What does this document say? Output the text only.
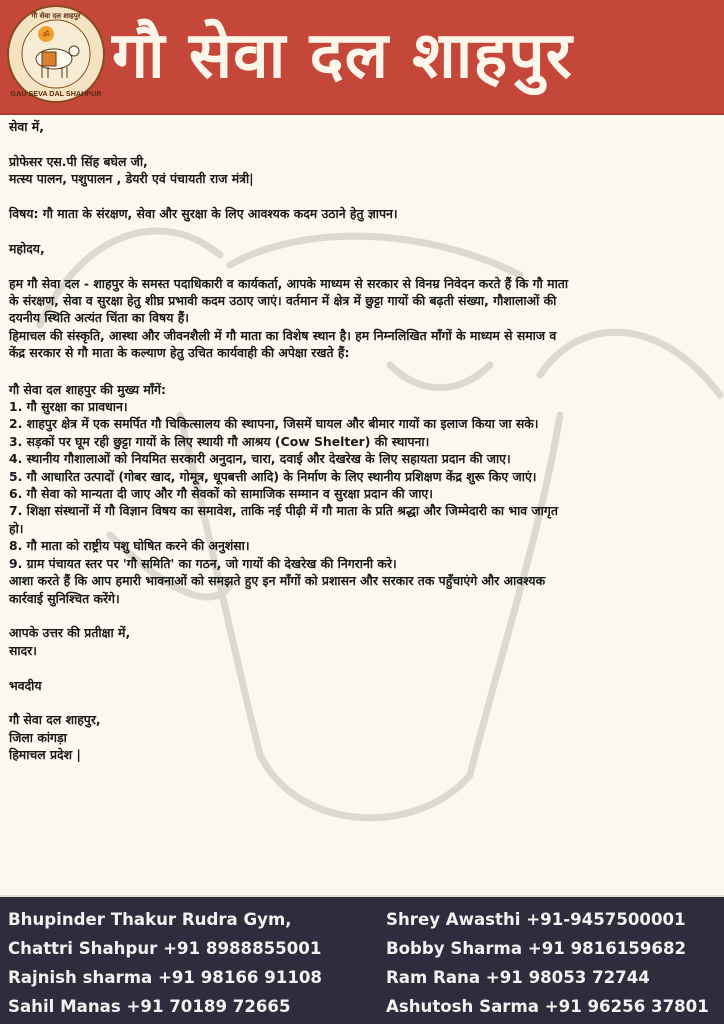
ॐ
GAU SEVA DAL SHAHPUR
गौ सेवा दल शाहपुर
गौ सेवा दल शाहपुर

सेवा में,

प्रोफेसर एस.पी सिंह बघेल जी,

मत्स्य पालन, पशुपालन , डेयरी एवं पंचायती राज मंत्री|

विषय: गौ माता के संरक्षण, सेवा और सुरक्षा के लिए आवश्यक कदम उठाने हेतु ज्ञापन।

महोदय,

हम गौ सेवा दल - शाहपुर के समस्त पदाधिकारी व कार्यकर्ता, आपके माध्यम से सरकार से विनम्र निवेदन करते हैं कि गौ माता

के संरक्षण, सेवा व सुरक्षा हेतु शीघ्र प्रभावी कदम उठाए जाएं। वर्तमान में क्षेत्र में छुट्टा गायों की बढ़ती संख्या, गौशालाओं की

दयनीय स्थिति अत्यंत चिंता का विषय हैं।

हिमाचल की संस्कृति, आस्था और जीवनशैली में गौ माता का विशेष स्थान है। हम निम्नलिखित माँगों के माध्यम से समाज व

केंद्र सरकार से गौ माता के कल्याण हेतु उचित कार्यवाही की अपेक्षा रखते हैं:

गौ सेवा दल शाहपुर की मुख्य माँगें:

1. गौ सुरक्षा का प्रावधान।

2. शाहपुर क्षेत्र में एक समर्पित गौ चिकित्सालय की स्थापना, जिसमें घायल और बीमार गायों का इलाज किया जा सके।

3. सड़कों पर घूम रही छुट्टा गायों के लिए स्थायी गौ आश्रय (Cow Shelter) की स्थापना।

4. स्थानीय गौशालाओं को नियमित सरकारी अनुदान, चारा, दवाई और देखरेख के लिए सहायता प्रदान की जाए।

5. गौ आधारित उत्पादों (गोबर खाद, गोमूत्र, धूपबत्ती आदि) के निर्माण के लिए स्थानीय प्रशिक्षण केंद्र शुरू किए जाएं।

6. गौ सेवा को मान्यता दी जाए और गौ सेवकों को सामाजिक सम्मान व सुरक्षा प्रदान की जाए।

7. शिक्षा संस्थानों में गौ विज्ञान विषय का समावेश, ताकि नई पीढ़ी में गौ माता के प्रति श्रद्धा और जिम्मेदारी का भाव जागृत

हो।

8. गौ माता को राष्ट्रीय पशु घोषित करने की अनुशंसा।

9. ग्राम पंचायत स्तर पर 'गौ समिति' का गठन, जो गायों की देखरेख की निगरानी करे।

आशा करते हैं कि आप हमारी भावनाओं को समझते हुए इन माँगों को प्रशासन और सरकार तक पहुँचाएंगे और आवश्यक

कार्रवाई सुनिश्चित करेंगे।

आपके उत्तर की प्रतीक्षा में,

सादर।

भवदीय

गौ सेवा दल शाहपुर,

जिला कांगड़ा

हिमाचल प्रदेश |

Bhupinder Thakur Rudra Gym,
Chattri Shahpur +91 8988855001
Rajnish sharma +91 98166 91108
Sahil Manas +91 70189 72665
Shrey Awasthi +91-9457500001
Bobby Sharma +91 9816159682
Ram Rana +91 98053 72744
Ashutosh Sarma +91 96256 37801
